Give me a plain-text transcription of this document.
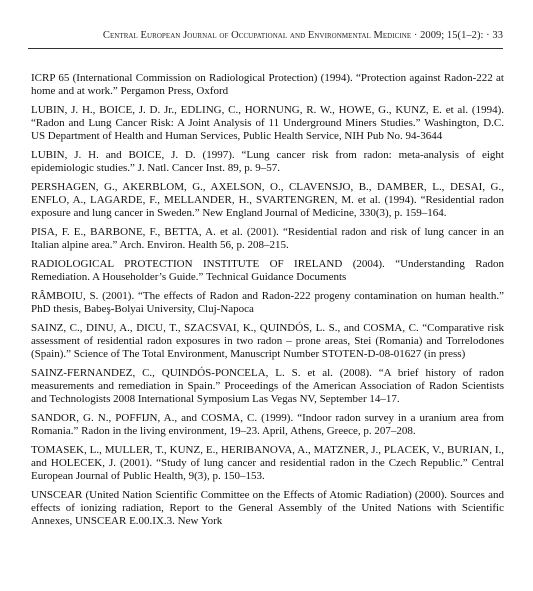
Central European Journal of Occupational and Environmental Medicine · 2009; 15(1–2): · 33

ICRP 65 (International Commission on Radiological Protection) (1994). “Protection against Radon-222 at home and at work.” Pergamon Press, Oxford

LUBIN, J. H., BOICE, J. D. Jr., EDLING, C., HORNUNG, R. W., HOWE, G., KUNZ, E. et al. (1994). “Radon and Lung Cancer Risk: A Joint Analysis of 11 Underground Miners Studies.” Washington, D.C. US Department of Health and Human Services, Public Health Service, NIH Pub No. 94-3644

LUBIN, J. H. and BOICE, J. D. (1997). “Lung cancer risk from radon: meta-analysis of eight epidemiologic studies.” J. Natl. Cancer Inst. 89, p. 9–57.

PERSHAGEN, G., AKERBLOM, G., AXELSON, O., CLAVENSJO, B., DAMBER, L., DESAI, G., ENFLO, A., LAGARDE, F., MELLANDER, H., SVARTENGREN, M. et al. (1994). “Residential radon exposure and lung cancer in Sweden.” New England Journal of Medicine, 330(3), p. 159–164.

PISA, F. E., BARBONE, F., BETTA, A. et al. (2001). “Residential radon and risk of lung cancer in an Italian alpine area.” Arch. Environ. Health 56, p. 208–215.

RADIOLOGICAL PROTECTION INSTITUTE OF IRELAND (2004). “Understanding Radon Remediation. A Householder’s Guide.” Technical Guidance Documents

RÂMBOIU, S. (2001). “The effects of Radon and Radon-222 progeny contamination on human health.” PhD thesis, Babeş-Bolyai University, Cluj-Napoca

SAINZ, C., DINU, A., DICU, T., SZACSVAI, K., QUINDÓS, L. S., and COSMA, C. “Comparative risk assessment of residential radon exposures in two radon – prone areas, Stei (Romania) and Torrelodones (Spain).” Science of The Total Environment, Manuscript Number STOTEN-D-08-01627 (in press)

SAINZ-FERNANDEZ, C., QUINDÓS-PONCELA, L. S. et al. (2008). “A brief history of radon measurements and remediation in Spain.” Proceedings of the American Association of Radon Scientists and Technologists 2008 International Symposium Las Vegas NV, September 14–17.

SANDOR, G. N., POFFIJN, A., and COSMA, C. (1999). “Indoor radon survey in a uranium area from Romania.” Radon in the living environment, 19–23. April, Athens, Greece, p. 207–208.

TOMASEK, L., MULLER, T., KUNZ, E., HERIBANOVA, A., MATZNER, J., PLACEK, V., BURIAN, I., and HOLECEK, J. (2001). “Study of lung cancer and residential radon in the Czech Republic.” Central European Journal of Public Health, 9(3), p. 150–153.

UNSCEAR (United Nation Scientific Committee on the Effects of Atomic Radiation) (2000). Sources and effects of ionizing radiation, Report to the General Assembly of the United Nations with Scientific Annexes, UNSCEAR E.00.IX.3. New York
